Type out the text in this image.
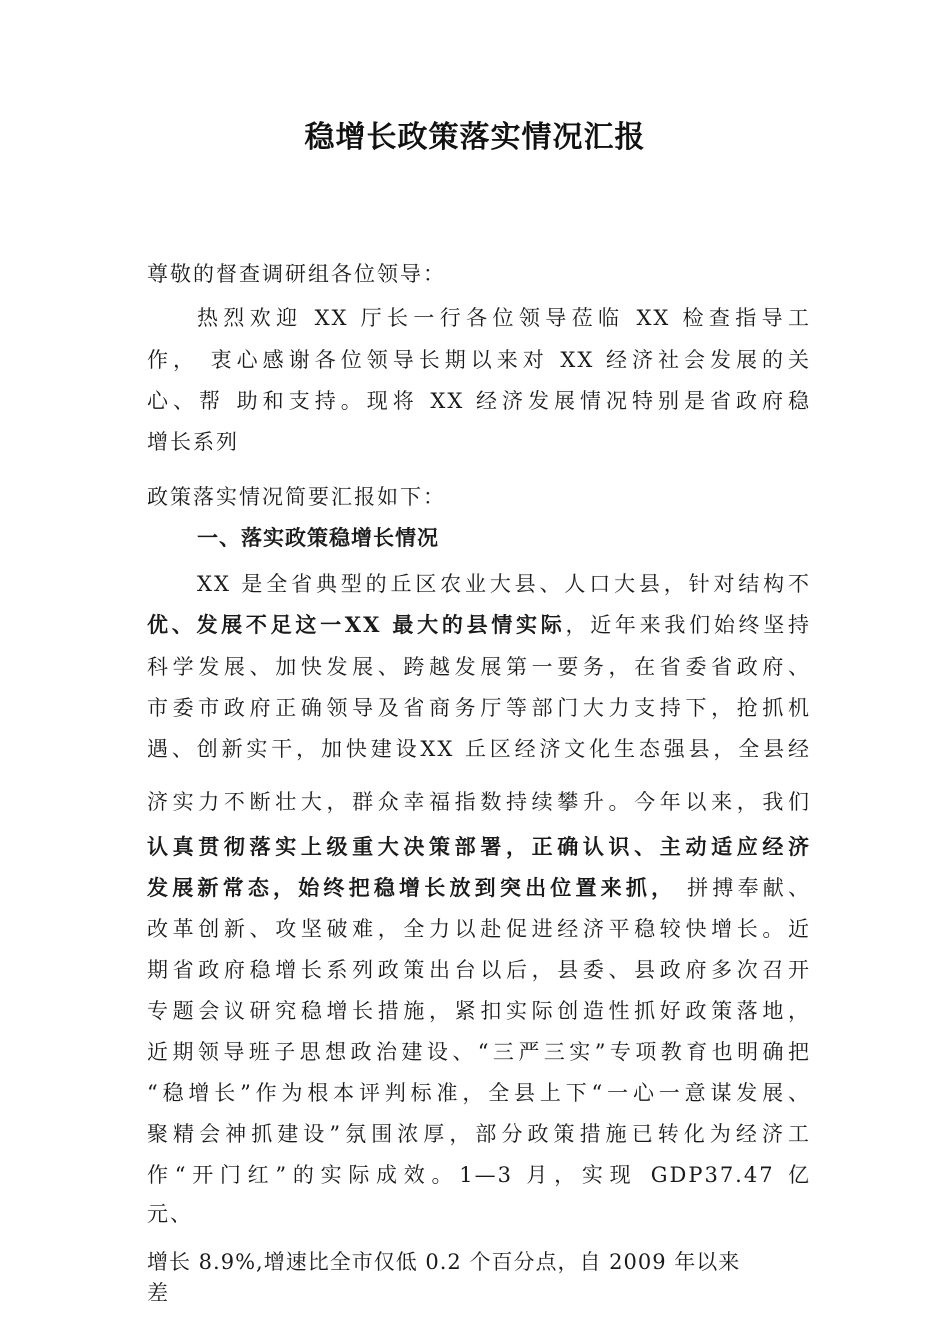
稳增长政策落实情况汇报
尊敬的督查调研组各位领导：
热烈欢迎 XX 厅长一行各位领导莅临 XX 检查指导工
作， 衷心感谢各位领导长期以来对 XX 经济社会发展的关
心、帮 助和支持。现将 XX 经济发展情况特别是省政府稳
增长系列
政策落实情况简要汇报如下：
一、落实政策稳增长情况
XX 是全省典型的丘区农业大县、人口大县，针对结构不
优、发展不足这一XX 最大的县情实际，近年来我们始终坚持
科学发展、加快发展、跨越发展第一要务，在省委省政府、
市委市政府正确领导及省商务厅等部门大力支持下，抢抓机
遇、创新实干，加快建设XX 丘区经济文化生态强县，全县经
济实力不断壮大，群众幸福指数持续攀升。今年以来，我们
认真贯彻落实上级重大决策部署，正确认识、主动适应经济
发展新常态，始终把稳增长放到突出位置来抓， 拼搏奉献、
改革创新、攻坚破难，全力以赴促进经济平稳较快增长。近
期省政府稳增长系列政策出台以后，县委、县政府多次召开
专题会议研究稳增长措施，紧扣实际创造性抓好政策落地，
近期领导班子思想政治建设、“三严三实”专项教育也明确把
“稳增长”作为根本评判标准，全县上下“一心一意谋发展、
聚精会神抓建设”氛围浓厚，部分政策措施已转化为经济工
作“开门红”的实际成效。1—3 月，实现 GDP37.47 亿
元、
增长 8.9%,增速比全市仅低 0.2 个百分点，自 2009 年以来
差
